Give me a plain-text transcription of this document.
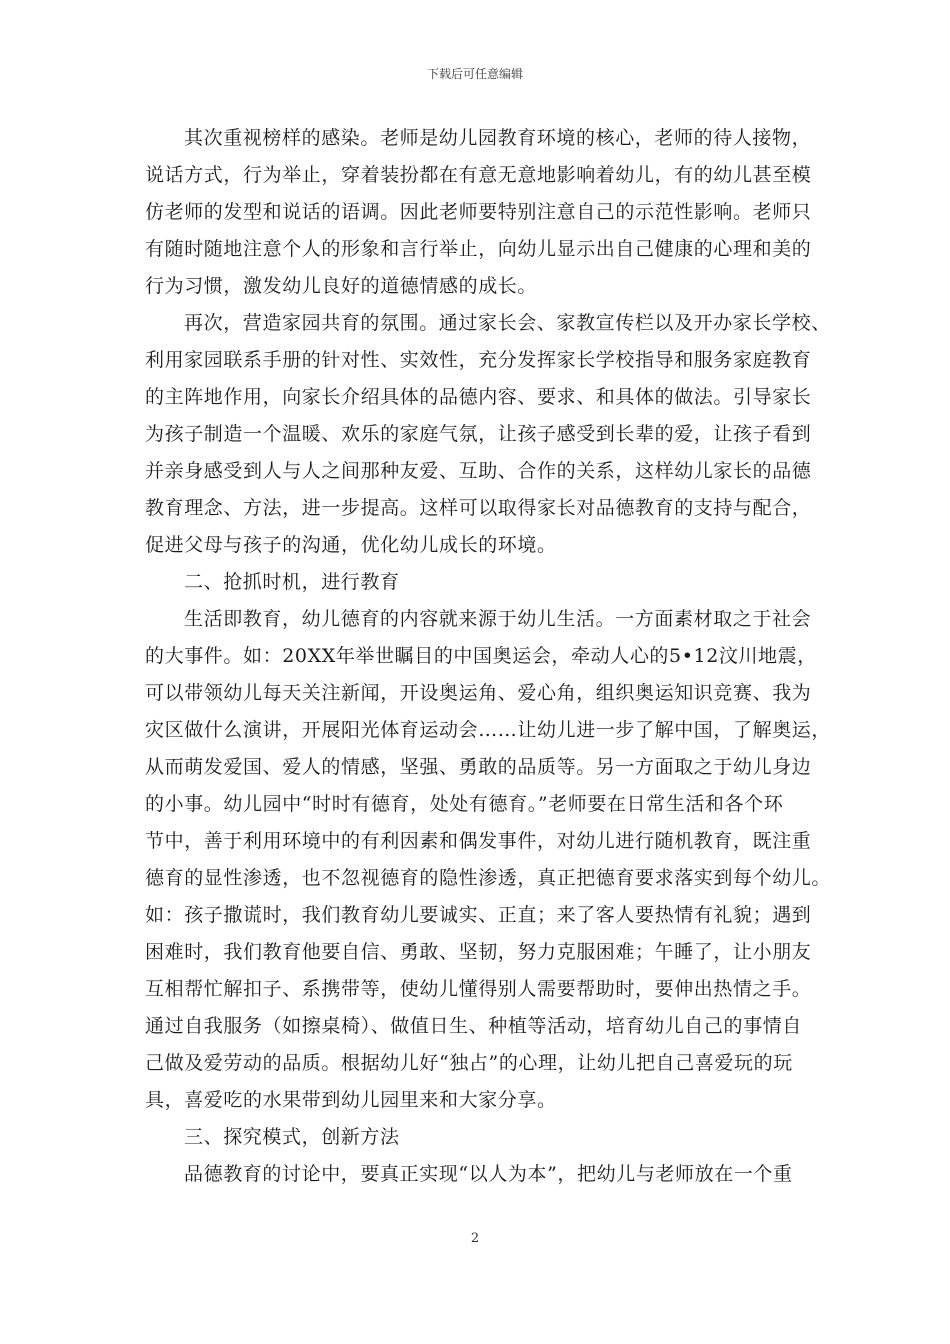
下载后可任意编辑
其次重视榜样的感染。老师是幼儿园教育环境的核心，老师的待人接物，
说话方式，行为举止，穿着装扮都在有意无意地影响着幼儿，有的幼儿甚至模
仿老师的发型和说话的语调。因此老师要特别注意自己的示范性影响。老师只
有随时随地注意个人的形象和言行举止，向幼儿显示出自己健康的心理和美的
行为习惯，激发幼儿良好的道德情感的成长。
再次，营造家园共育的氛围。通过家长会、家教宣传栏以及开办家长学校、
利用家园联系手册的针对性、实效性，充分发挥家长学校指导和服务家庭教育
的主阵地作用，向家长介绍具体的品德内容、要求、和具体的做法。引导家长
为孩子制造一个温暖、欢乐的家庭气氛，让孩子感受到长辈的爱，让孩子看到
并亲身感受到人与人之间那种友爱、互助、合作的关系，这样幼儿家长的品德
教育理念、方法，进一步提高。这样可以取得家长对品德教育的支持与配合，
促进父母与孩子的沟通，优化幼儿成长的环境。
二、抢抓时机，进行教育
生活即教育，幼儿德育的内容就来源于幼儿生活。一方面素材取之于社会
的大事件。如：20XX年举世瞩目的中国奥运会，牵动人心的5•12汶川地震，
可以带领幼儿每天关注新闻，开设奥运角、爱心角，组织奥运知识竞赛、我为
灾区做什么演讲，开展阳光体育运动会……让幼儿进一步了解中国，了解奥运，
从而萌发爱国、爱人的情感，坚强、勇敢的品质等。另一方面取之于幼儿身边
的小事。幼儿园中“时时有德育，处处有德育。”老师要在日常生活和各个环
节中，善于利用环境中的有利因素和偶发事件，对幼儿进行随机教育，既注重
德育的显性渗透，也不忽视德育的隐性渗透，真正把德育要求落实到每个幼儿。
如：孩子撒谎时，我们教育幼儿要诚实、正直；来了客人要热情有礼貌；遇到
困难时，我们教育他要自信、勇敢、坚韧，努力克服困难；午睡了，让小朋友
互相帮忙解扣子、系携带等，使幼儿懂得别人需要帮助时，要伸出热情之手。
通过自我服务（如擦桌椅）、做值日生、种植等活动，培育幼儿自己的事情自
己做及爱劳动的品质。根据幼儿好“独占”的心理，让幼儿把自己喜爱玩的玩
具，喜爱吃的水果带到幼儿园里来和大家分享。
三、探究模式，创新方法
品德教育的讨论中，要真正实现“以人为本”，把幼儿与老师放在一个重
2
